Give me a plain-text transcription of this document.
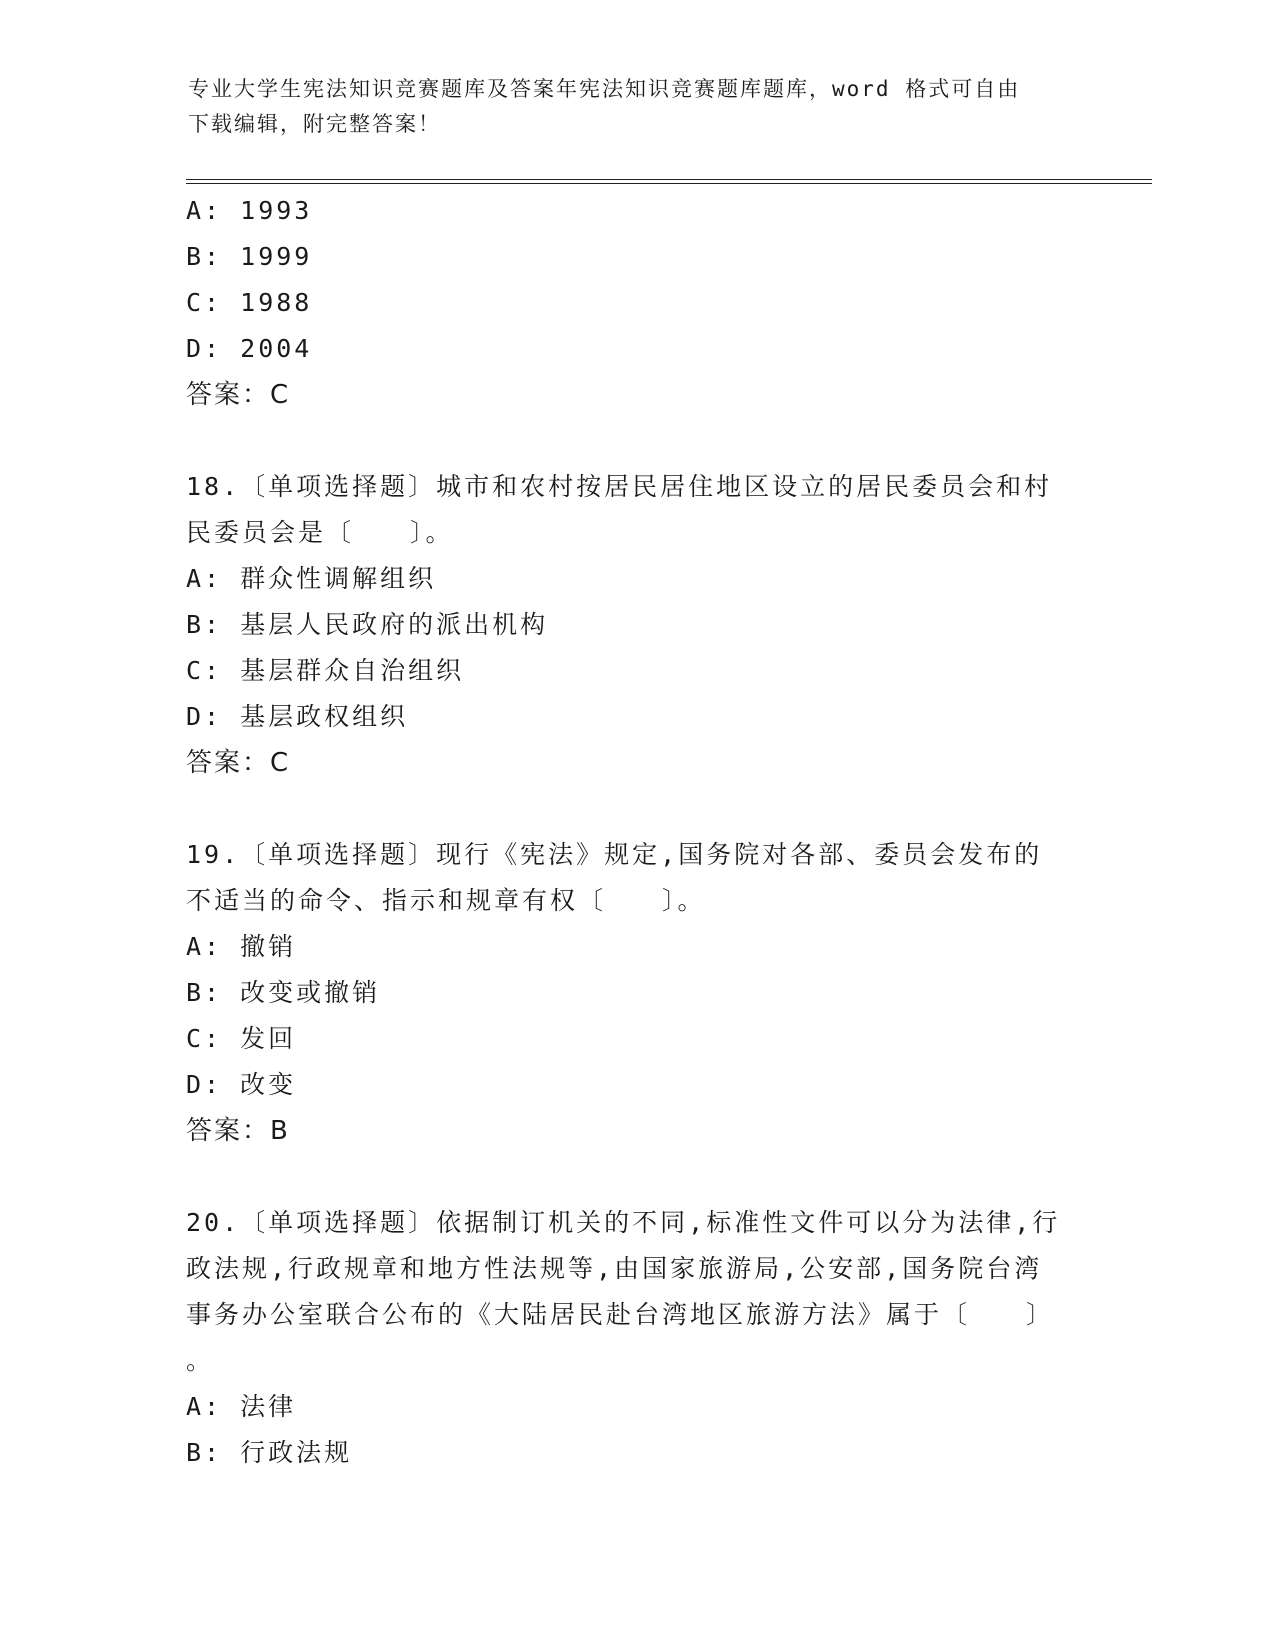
专业大学生宪法知识竞赛题库及答案年宪法知识竞赛题库题库，word 格式可自由
下载编辑，附完整答案！
A: 1993
B: 1999
C: 1988
D: 2004
答案：C
18.〔单项选择题〕城市和农村按居民居住地区设立的居民委员会和村
民委员会是〔　　〕。
A: 群众性调解组织
B: 基层人民政府的派出机构
C: 基层群众自治组织
D: 基层政权组织
答案：C
19.〔单项选择题〕现行《宪法》规定,国务院对各部、委员会发布的
不适当的命令、指示和规章有权〔　　〕。
A: 撤销
B: 改变或撤销
C: 发回
D: 改变
答案：B
20.〔单项选择题〕依据制订机关的不同,标准性文件可以分为法律,行
政法规,行政规章和地方性法规等,由国家旅游局,公安部,国务院台湾
事务办公室联合公布的《大陆居民赴台湾地区旅游方法》属于〔　　〕
。
A: 法律
B: 行政法规
